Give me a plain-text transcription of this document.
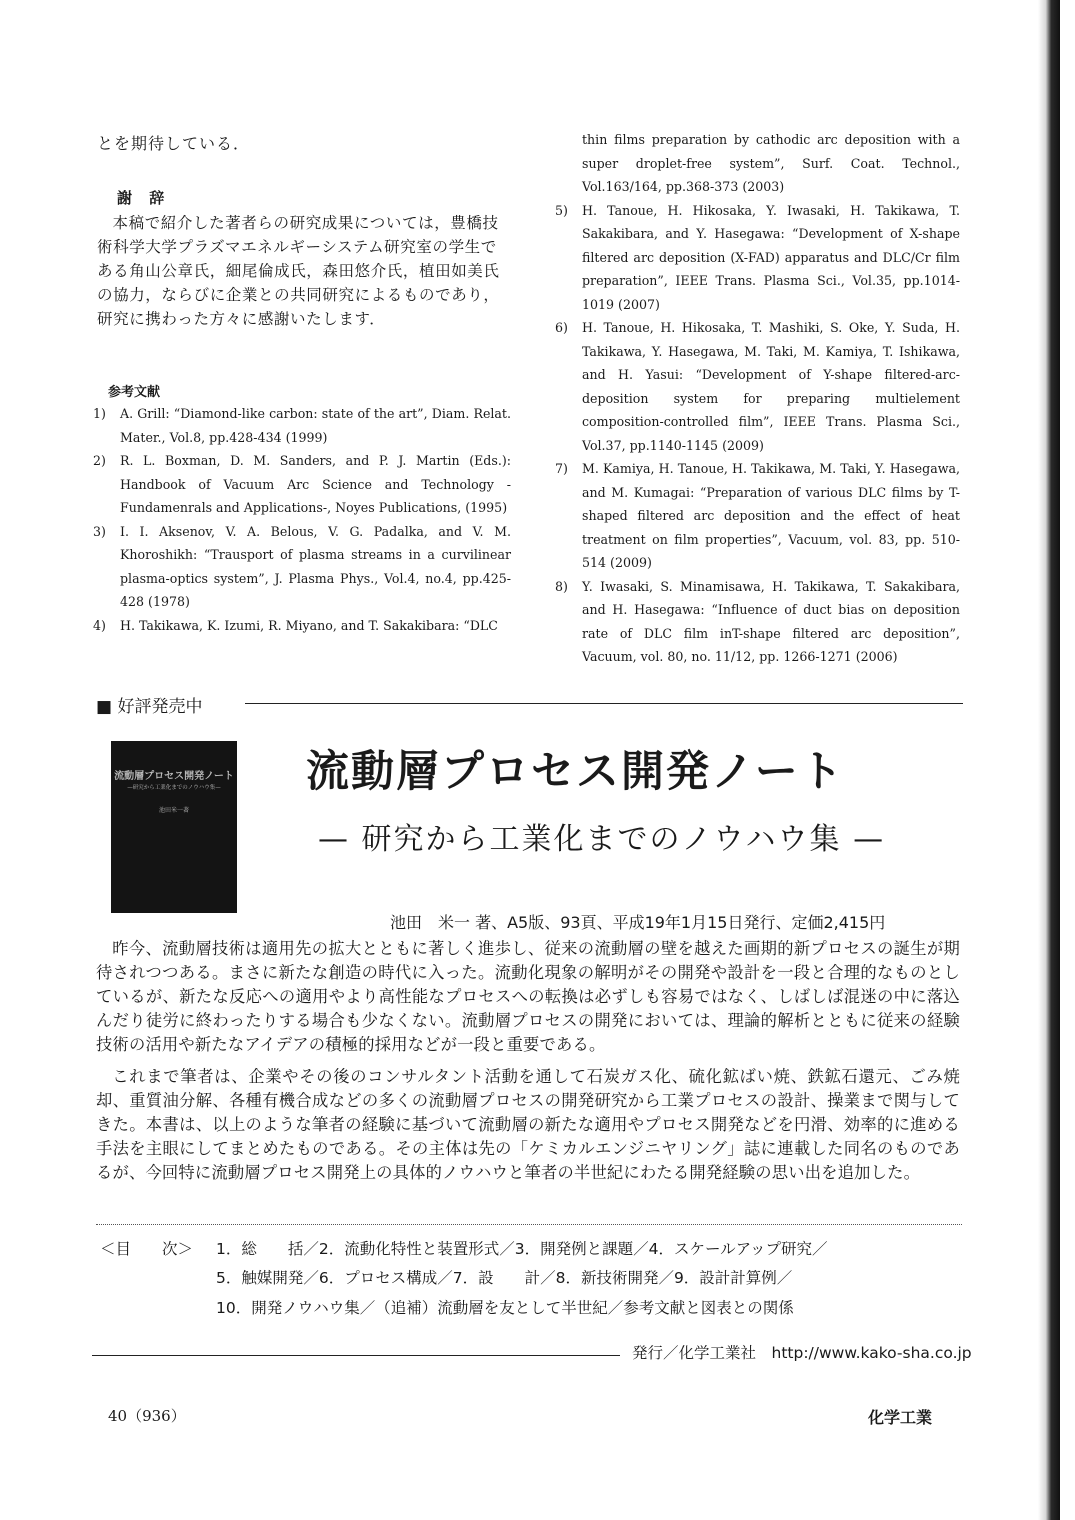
とを期待している．
謝 辞
本稿で紹介した著者らの研究成果については，豊橋技術科学大学プラズマエネルギーシステム研究室の学生である角山公章氏，細尾倫成氏，森田悠介氏，植田如美氏の協力，ならびに企業との共同研究によるものであり，研究に携わった方々に感謝いたします．
参考文献
1) A. Grill: “Diamond-like carbon: state of the art”, Diam. Relat. Mater., Vol.8, pp.428-434 (1999)
2) R. L. Boxman, D. M. Sanders, and P. J. Martin (Eds.): Handbook of Vacuum Arc Science and Technology -Fundamenrals and Applications-, Noyes Publications, (1995)
3) I. I. Aksenov, V. A. Belous, V. G. Padalka, and V. M. Khoroshikh: “Trausport of plasma streams in a curvilinear plasma-optics system”, J. Plasma Phys., Vol.4, no.4, pp.425-428 (1978)
4) H. Takikawa, K. Izumi, R. Miyano, and T. Sakakibara: “DLC
thin films preparation by cathodic arc deposition with a super droplet-free system”, Surf. Coat. Technol., Vol.163/164, pp.368-373 (2003)
5) H. Tanoue, H. Hikosaka, Y. Iwasaki, H. Takikawa, T. Sakakibara, and Y. Hasegawa: “Development of X-shape filtered arc deposition (X-FAD) apparatus and DLC/Cr film preparation”, IEEE Trans. Plasma Sci., Vol.35, pp.1014-1019 (2007)
6) H. Tanoue, H. Hikosaka, T. Mashiki, S. Oke, Y. Suda, H. Takikawa, Y. Hasegawa, M. Taki, M. Kamiya, T. Ishikawa, and H. Yasui: “Development of Y-shape filtered-arc-deposition system for preparing multielement composition-controlled film”, IEEE Trans. Plasma Sci., Vol.37, pp.1140-1145 (2009)
7) M. Kamiya, H. Tanoue, H. Takikawa, M. Taki, Y. Hasegawa, and M. Kumagai: “Preparation of various DLC films by T-shaped filtered arc deposition and the effect of heat treatment on film properties”, Vacuum, vol. 83, pp. 510-514 (2009)
8) Y. Iwasaki, S. Minamisawa, H. Takikawa, T. Sakakibara, and H. Hasegawa: “Influence of duct bias on deposition rate of DLC film inT-shape filtered arc deposition”, Vacuum, vol. 80, no. 11/12, pp. 1266-1271 (2006)
■ 好評発売中
流動層プロセス開発ノート
—研究から工業化までのノウハウ集—
池田米一著
流動層プロセス開発ノート
— 研究から工業化までのノウハウ集 —
池田　米一 著、A5版、93頁、平成19年1月15日発行、定価2,415円
昨今、流動層技術は適用先の拡大とともに著しく進歩し、従来の流動層の壁を越えた画期的新プロセスの誕生が期待されつつある。まさに新たな創造の時代に入った。流動化現象の解明がその開発や設計を一段と合理的なものとしているが、新たな反応への適用やより高性能なプロセスへの転換は必ずしも容易ではなく、しばしば混迷の中に落込んだり徒労に終わったりする場合も少なくない。流動層プロセスの開発においては、理論的解析とともに従来の経験技術の活用や新たなアイデアの積極的採用などが一段と重要である。
これまで筆者は、企業やその後のコンサルタント活動を通して石炭ガス化、硫化鉱ばい焼、鉄鉱石還元、ごみ焼却、重質油分解、各種有機合成などの多くの流動層プロセスの開発研究から工業プロセスの設計、操業まで関与してきた。本書は、以上のような筆者の経験に基づいて流動層の新たな適用やプロセス開発などを円滑、効率的に進める手法を主眼にしてまとめたものである。その主体は先の「ケミカルエンジニヤリング」誌に連載した同名のものであるが、今回特に流動層プロセス開発上の具体的ノウハウと筆者の半世紀にわたる開発経験の思い出を追加した。
＜目　　次＞ 1．総　　括／2．流動化特性と装置形式／3．開発例と課題／4．スケールアップ研究／
5．触媒開発／6．プロセス構成／7．設　　計／8．新技術開発／9．設計計算例／
10．開発ノウハウ集／（追補）流動層を友として半世紀／参考文献と図表との関係
発行／化学工業社　http://www.kako-sha.co.jp
40（936）	化学工業
